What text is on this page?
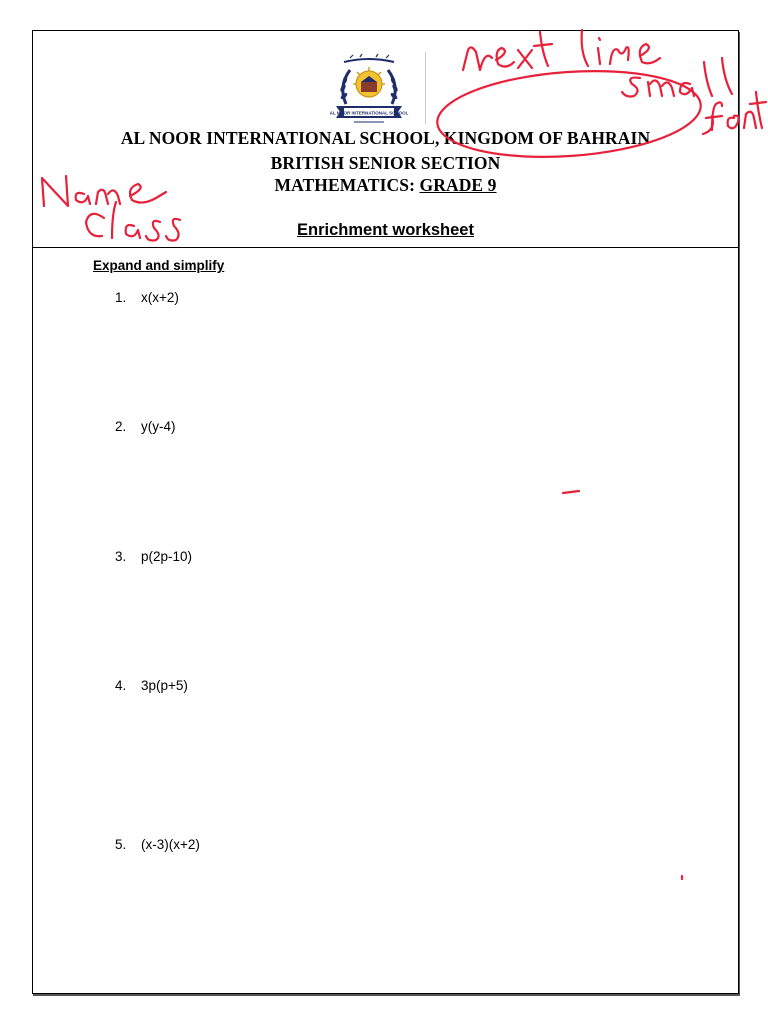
AL NOOR INTERNATIONAL SCHOOL
AL NOOR INTERNATIONAL SCHOOL, KINGDOM OF BAHRAIN
BRITISH SENIOR SECTION
MATHEMATICS: GRADE 9
Enrichment worksheet
Expand and simplify
1. x(x+2)
2. y(y-4)
3. p(2p-10)
4. 3p(p+5)
5. (x-3)(x+2)
